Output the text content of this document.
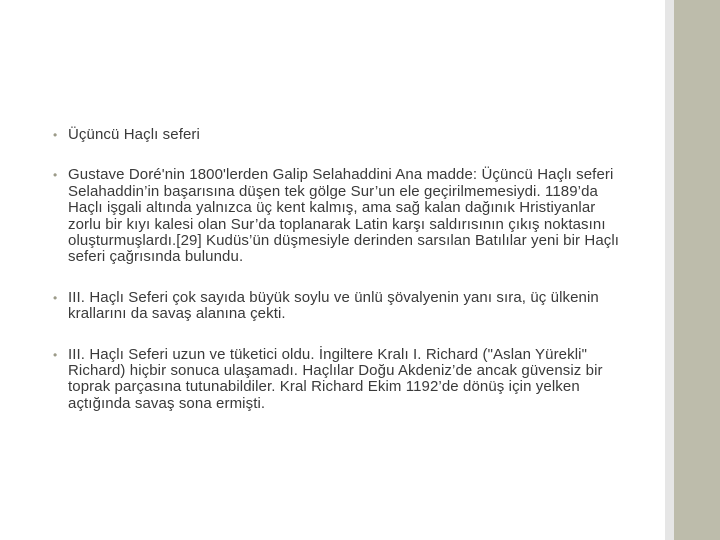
• Üçüncü Haçlı seferi
• Gustave Doré'nin 1800'lerden Galip Selahaddini Ana madde: Üçüncü Haçlı seferi Selahaddin’in başarısına düşen tek gölge Sur’un ele geçirilmemesiydi. 1189’da Haçlı işgali altında yalnızca üç kent kalmış, ama sağ kalan dağınık Hristiyanlar zorlu bir kıyı kalesi olan Sur’da toplanarak Latin karşı saldırısının çıkış noktasını oluşturmuşlardı.[29] Kudüs’ün düşmesiyle derinden sarsılan Batılılar yeni bir Haçlı seferi çağrısında bulundu.
• III. Haçlı Seferi çok sayıda büyük soylu ve ünlü şövalyenin yanı sıra, üç ülkenin krallarını da savaş alanına çekti.
• III. Haçlı Seferi uzun ve tüketici oldu. İngiltere Kralı I. Richard ("Aslan Yürekli" Richard) hiçbir sonuca ulaşamadı. Haçlılar Doğu Akdeniz’de ancak güvensiz bir toprak parçasına tutunabildiler. Kral Richard Ekim 1192’de dönüş için yelken açtığında savaş sona ermişti.
